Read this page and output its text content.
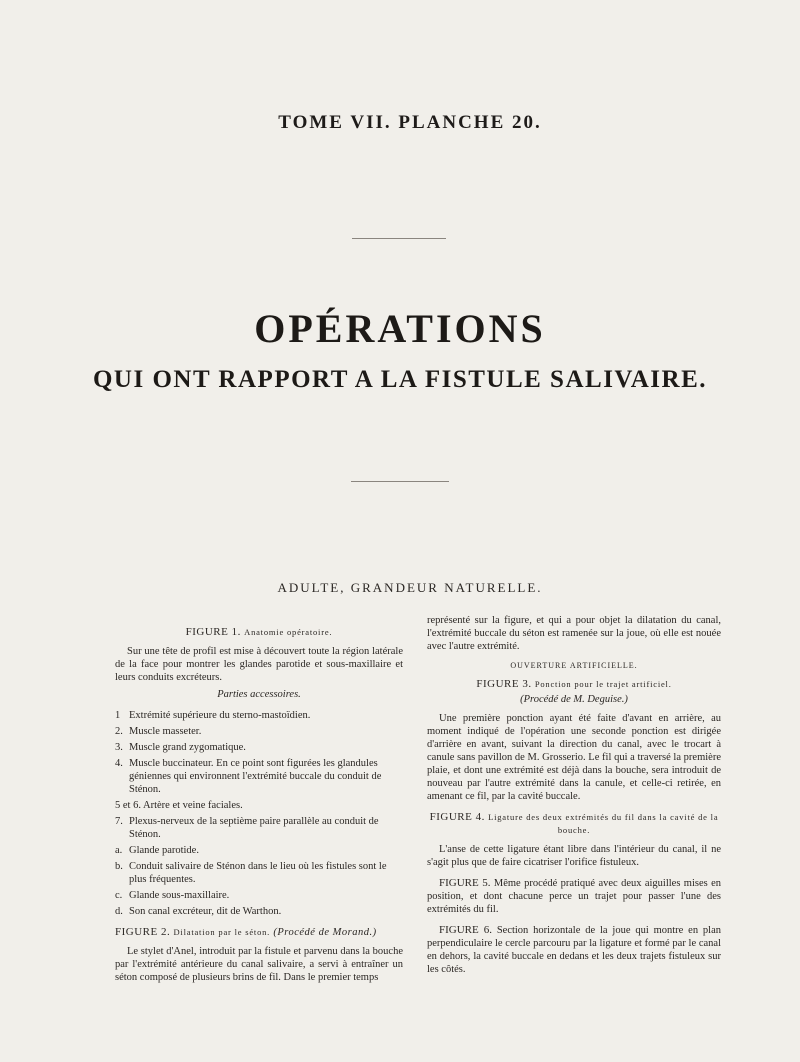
TOME VII. PLANCHE 20.
OPÉRATIONS
QUI ONT RAPPORT A LA FISTULE SALIVAIRE.
ADULTE, GRANDEUR NATURELLE.
FIGURE 1. Anatomie opératoire.

Sur une tête de profil est mise à découvert toute la région latérale de la face pour montrer les glandes parotide et sous-maxillaire et leurs conduits excréteurs.

Parties accessoires.
1 Extrémité supérieure du sterno-mastoïdien.
2. Muscle masseter.
3. Muscle grand zygomatique.
4. Muscle buccinateur. En ce point sont figurées les glandules géniennes qui environnent l'extrémité buccale du conduit de Sténon.
5 et 6. Artère et veine faciales.
7. Plexus-nerveux de la septième paire parallèle au conduit de Sténon.
a. Glande parotide.
b. Conduit salivaire de Sténon dans le lieu où les fistules sont le plus fréquentes.
c. Glande sous-maxillaire.
d. Son canal excréteur, dit de Warthon.
FIGURE 2. Dilatation par le séton. (Procédé de Morand.)

Le stylet d'Anel, introduit par la fistule et parvenu dans la bouche par l'extrémité antérieure du canal salivaire, a servi à entraîner un séton composé de plusieurs brins de fil. Dans le premier temps

représenté sur la figure, et qui a pour objet la dilatation du canal, l'extrémité buccale du séton est ramenée sur la joue, où elle est nouée avec l'autre extrémité.

OUVERTURE ARTIFICIELLE.
FIGURE 3. Ponction pour le trajet artificiel.
(Procédé de M. Deguise.)

Une première ponction ayant été faite d'avant en arrière, au moment indiqué de l'opération une seconde ponction est dirigée d'arrière en avant, suivant la direction du canal, avec le trocart à canule sans pavillon de M. Grosserio. Le fil qui a traversé la première plaie, et dont une extrémité est déjà dans la bouche, sera introduit de nouveau par l'autre extrémité dans la canule, et celle-ci retirée, en amenant ce fil, par la cavité buccale.

FIGURE 4. Ligature des deux extrémités du fil dans la cavité de la bouche.

L'anse de cette ligature étant libre dans l'intérieur du canal, il ne s'agit plus que de faire cicatriser l'orifice fistuleux.

FIGURE 5. Même procédé pratiqué avec deux aiguilles mises en position, et dont chacune perce un trajet pour passer l'une des extrémités du fil.

FIGURE 6. Section horizontale de la joue qui montre en plan perpendiculaire le cercle parcouru par la ligature et formé par le canal en dehors, la cavité buccale en dedans et les deux trajets fistuleux sur les côtés.
